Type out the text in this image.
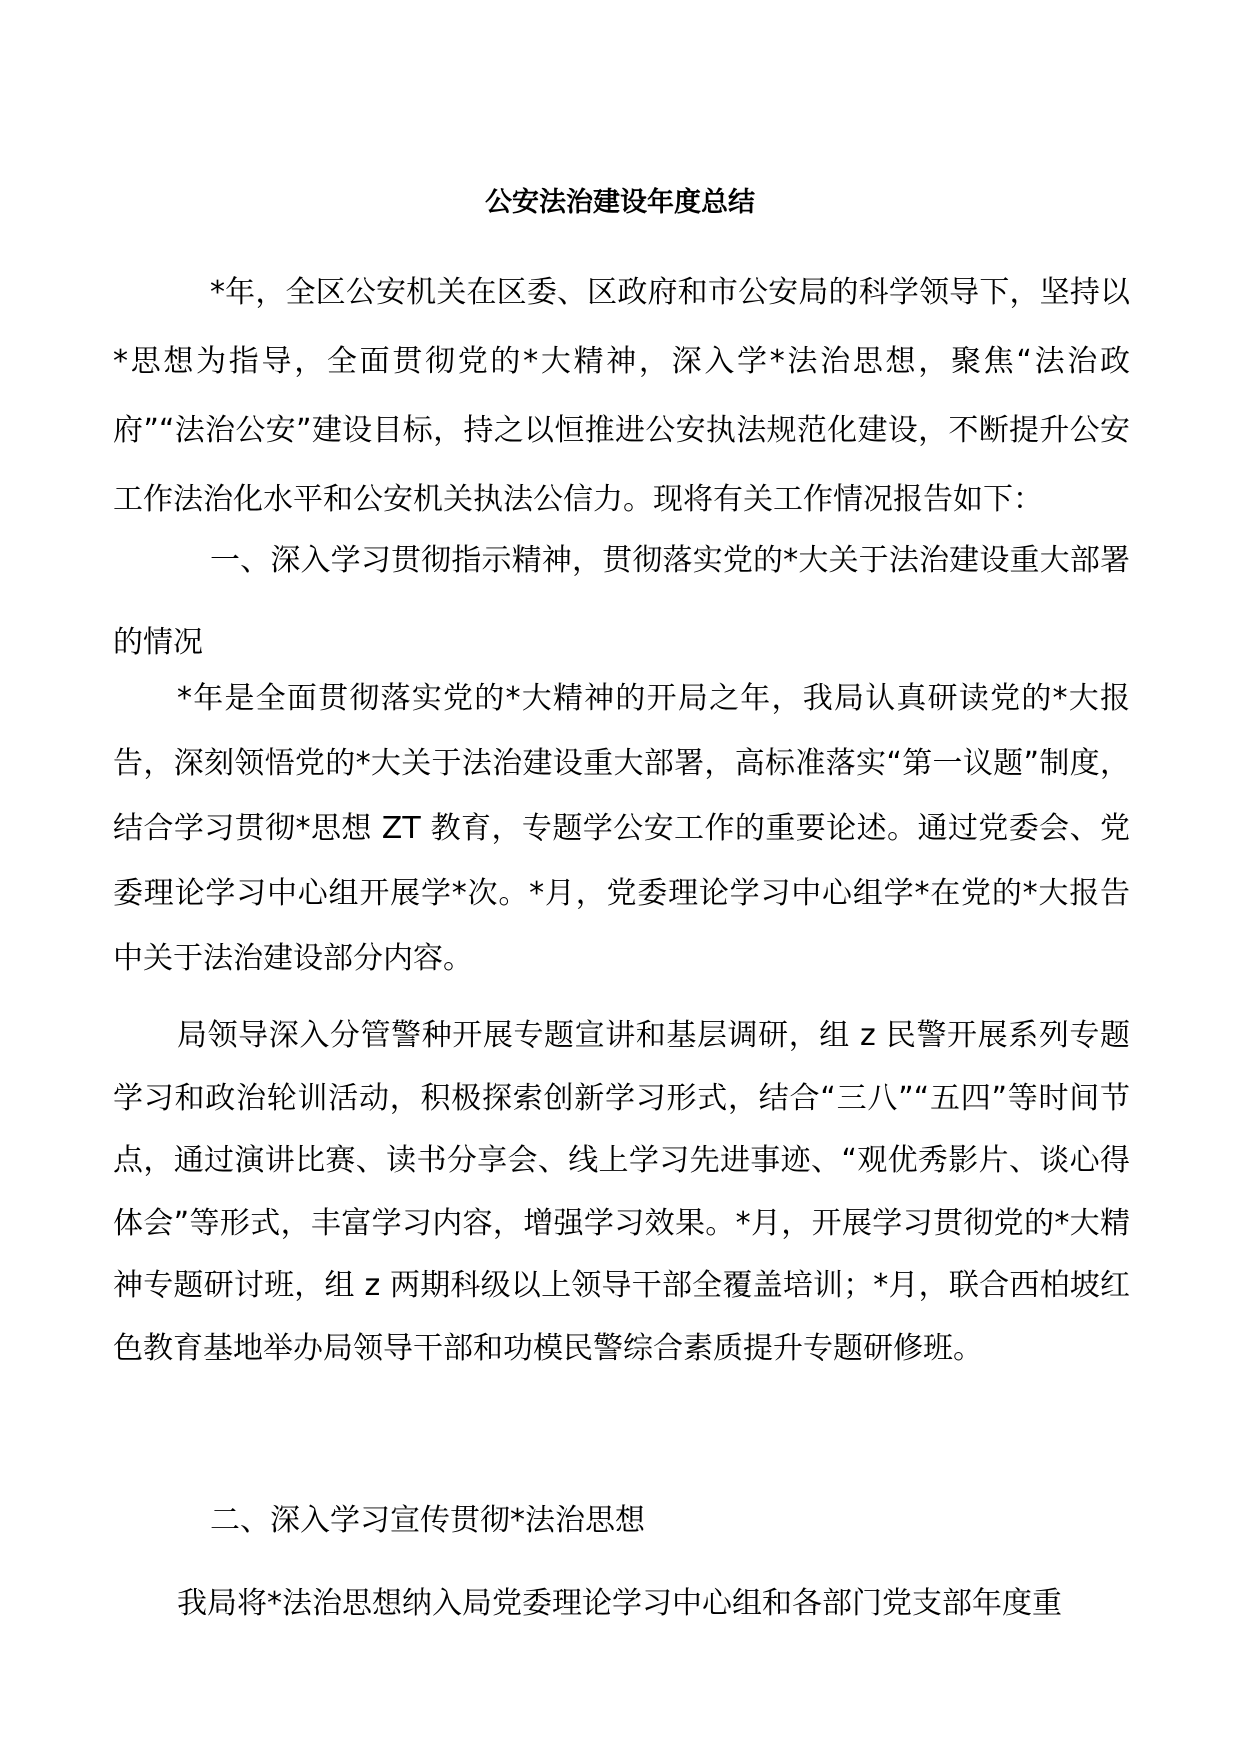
公安法治建设年度总结

*年，全区公安机关在区委、区政府和市公安局的科学领导下，坚持以*思想为指导，全面贯彻党的*大精神，深入学*法治思想，聚焦“法治政府”“法治公安”建设目标，持之以恒推进公安执法规范化建设，不断提升公安工作法治化水平和公安机关执法公信力。现将有关工作情况报告如下：

一、深入学习贯彻指示精神，贯彻落实党的*大关于法治建设重大部署的情况

*年是全面贯彻落实党的*大精神的开局之年，我局认真研读党的*大报告，深刻领悟党的*大关于法治建设重大部署，高标准落实“第一议题”制度，结合学习贯彻*思想 ZT 教育，专题学公安工作的重要论述。通过党委会、党委理论学习中心组开展学*次。*月，党委理论学习中心组学*在党的*大报告中关于法治建设部分内容。

局领导深入分管警种开展专题宣讲和基层调研，组 z 民警开展系列专题学习和政治轮训活动，积极探索创新学习形式，结合“三八”“五四”等时间节点，通过演讲比赛、读书分享会、线上学习先进事迹、“观优秀影片、谈心得体会”等形式，丰富学习内容，增强学习效果。*月，开展学习贯彻党的*大精神专题研讨班，组 z 两期科级以上领导干部全覆盖培训；*月，联合西柏坡红色教育基地举办局领导干部和功模民警综合素质提升专题研修班。

二、深入学习宣传贯彻*法治思想

我局将*法治思想纳入局党委理论学习中心组和各部门党支部年度重
